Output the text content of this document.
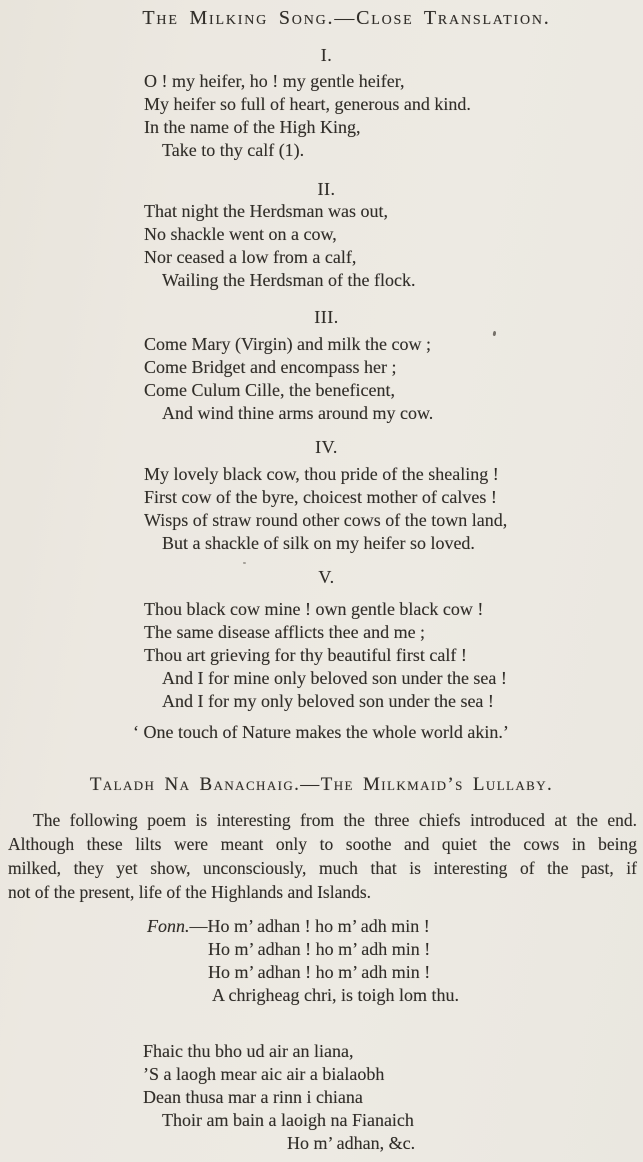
The Milking Song.—Close Translation.
I.
O ! my heifer, ho ! my gentle heifer,
My heifer so full of heart, generous and kind.
In the name of the High King,
Take to thy calf (1).
II.
That night the Herdsman was out,
No shackle went on a cow,
Nor ceased a low from a calf,
Wailing the Herdsman of the flock.
III.
Come Mary (Virgin) and milk the cow ;
Come Bridget and encompass her ;
Come Culum Cille, the beneficent,
And wind thine arms around my cow.
IV.
My lovely black cow, thou pride of the shealing !
First cow of the byre, choicest mother of calves !
Wisps of straw round other cows of the town land,
But a shackle of silk on my heifer so loved.
V.
Thou black cow mine ! own gentle black cow !
The same disease afflicts thee and me ;
Thou art grieving for thy beautiful first calf !
And I for mine only beloved son under the sea !
And I for my only beloved son under the sea !
‘ One touch of Nature makes the whole world akin.’
Taladh Na Banachaig.—The Milkmaid’s Lullaby.
The following poem is interesting from the three chiefs introduced at the end.
Although these lilts were meant only to soothe and quiet the cows in being
milked, they yet show, unconsciously, much that is interesting of the past, if
not of the present, life of the Highlands and Islands.
Fonn.—Ho m’ adhan ! ho m’ adh min !
Ho m’ adhan ! ho m’ adh min !
Ho m’ adhan ! ho m’ adh min !
A chrigheag chri, is toigh lom thu.
Fhaic thu bho ud air an liana,
’S a laogh mear aic air a bialaobh
Dean thusa mar a rinn i chiana
Thoir am bain a laoigh na Fianaich
Ho m’ adhan, &c.
